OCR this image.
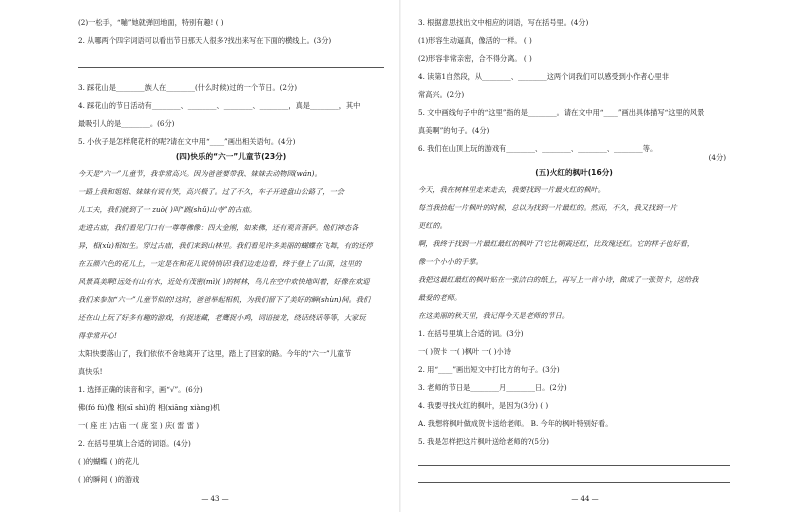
(2)一松手，“嘣”她就弹回地面，特别有趣! ( )

2. 从哪两个四字词语可以看出节日那天人很多?找出来写在下面的横线上。(3分)

3. 踩花山是________族人在________(什么时候)过的一个节日。(2分)

4. 踩花山的节日活动有________、________、________、________，真是________，其中

最吸引人的是________。(6分)

5. 小伙子是怎样爬花杆的呢?请在文中用“____”画出相关语句。(4分)

(四)快乐的“六一”儿童节(23分)

今天是“六一”儿童节，我非常高兴。因为爸爸要带我、妹妹去动物园(wán)。

一路上我和姐姐、妹妹有说有笑，高兴极了。过了不久，车子开进盘山公路了，一会

儿工夫，我们就到了一 zuò( )叫“跳(shǔ)山寺”的古庙。

走进古庙，我们看见门口有一尊尊佛像：四大金刚，如来佛，还有观音菩萨。他们神态各

异，相(xù)相如生。穿过古庙，我们来到山林里。我们看见许多美丽的蝴蝶在飞舞，有的还停

在五颜六色的花儿上，一定是在和花儿说悄悄话!我们边走边看，终于登上了山顶，这里的

风景真美啊!远处有山有水，近处有茂密(mì)( )的树林，鸟儿在空中欢快地叫着，好像在欢迎

我们来参加“六一”儿童节似的!这时，爸爸举起相机，为我们留下了美好的瞬(shùn)间。我们

还在山上玩了好多有趣的游戏，有捉迷藏，老鹰捉小鸡，词语接龙，绕话绕话等等，大家玩

得非常开心!

太阳快要落山了，我们依依不舍地离开了这里，踏上了回家的路。今年的“六一”儿童节

真快乐!

1. 选择正确的读音和字，画“√”。(6分)

佛(fó fú)像 相(sī shì)的 相(xiāng xiàng)机

一( 座 庄 )古庙 一( 庞 室 ) 庆( 雷 雷 )

2. 在括号里填上合适的词语。(4分)

( )的蝴蝶 ( )的花儿

( )的瞬间 ( )的游戏

— 43 —

3. 根据意思找出文中相应的词语，写在括号里。(4分)

(1)形容生动逼真，像活的一样。 ( )

(2)形容非常亲密，合不得分离。 ( )

4. 读第1自然段，从________、________这两个词我们可以感受到小作者心里非

常高兴。(2分)

5. 文中画线句子中的“这里”指的是________。请在文中用“____”画出具体描写“这里的风景

真美啊”的句子。(4分)

6. 我们在山顶上玩的游戏有________、________、________、________等。

(4分)

(五)火红的枫叶(16分)

今天，我在树林里走来走去，我要找到一片最火红的枫叶。

每当我拾起一片枫叶的时候，总以为找到一片最红的。然而，不久，我又找到一片

更红的。

啊，我终于找到一片最红最红的枫叶了!它比朝霞还红，比玫瑰还红。它的样子也好看，

像一个小小的手掌。

我把这最红最红的枫叶贴在一张洁白的纸上，再写上一首小诗，做成了一张贺卡，送给我

最爱的老师。

在这美丽的秋天里，我记得今天是老师的节日。

1. 在括号里填上合适的词。(3分)

一( )贺卡 一( )枫叶 一( )小诗

2. 用“____”画出短文中打比方的句子。(3分)

3. 老师的节日是________月________日。(2分)

4. 我要寻找火红的枫叶，是因为(3分) ( )

A. 我想将枫叶做成贺卡送给老师。 B. 今年的枫叶特别好看。

5. 我是怎样把这片枫叶送给老师的?(5分)

— 44 —
